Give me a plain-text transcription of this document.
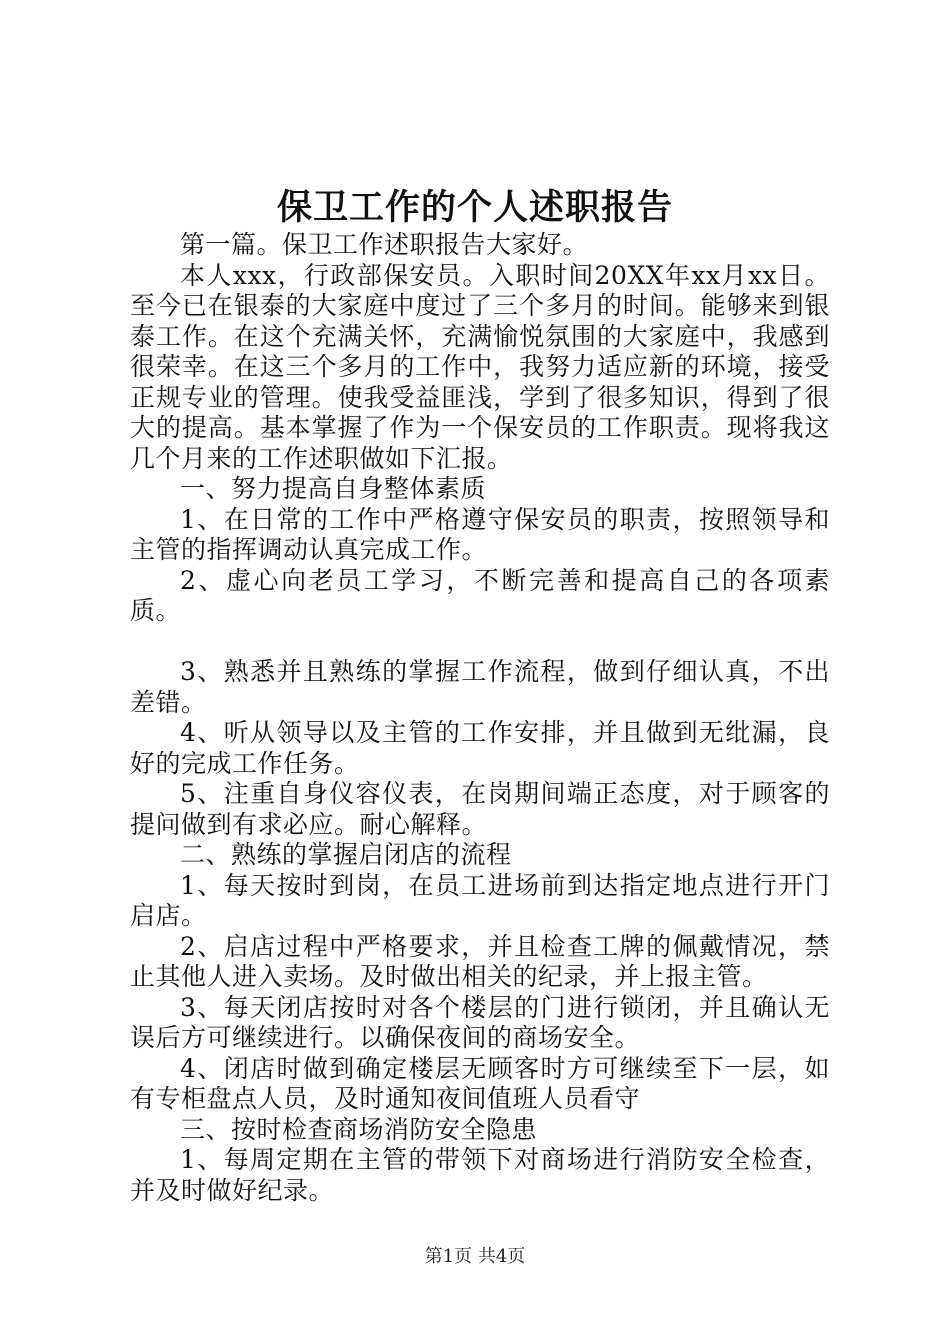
保卫工作的个人述职报告

第一篇。保卫工作述职报告大家好。

本人xxx，行政部保安员。入职时间20XX年xx月xx日。至今已在银泰的大家庭中度过了三个多月的时间。能够来到银泰工作。在这个充满关怀，充满愉悦氛围的大家庭中，我感到很荣幸。在这三个多月的工作中，我努力适应新的环境，接受正规专业的管理。使我受益匪浅，学到了很多知识，得到了很大的提高。基本掌握了作为一个保安员的工作职责。现将我这几个月来的工作述职做如下汇报。

一、努力提高自身整体素质

1、在日常的工作中严格遵守保安员的职责，按照领导和主管的指挥调动认真完成工作。

2、虚心向老员工学习，不断完善和提高自己的各项素质。

3、熟悉并且熟练的掌握工作流程，做到仔细认真，不出差错。

4、听从领导以及主管的工作安排，并且做到无纰漏，良好的完成工作任务。

5、注重自身仪容仪表，在岗期间端正态度，对于顾客的提问做到有求必应。耐心解释。

二、熟练的掌握启闭店的流程

1、每天按时到岗，在员工进场前到达指定地点进行开门启店。

2、启店过程中严格要求，并且检查工牌的佩戴情况，禁止其他人进入卖场。及时做出相关的纪录，并上报主管。

3、每天闭店按时对各个楼层的门进行锁闭，并且确认无误后方可继续进行。以确保夜间的商场安全。

4、闭店时做到确定楼层无顾客时方可继续至下一层，如有专柜盘点人员，及时通知夜间值班人员看守

三、按时检查商场消防安全隐患

1、每周定期在主管的带领下对商场进行消防安全检查，并及时做好纪录。

第1页 共4页
